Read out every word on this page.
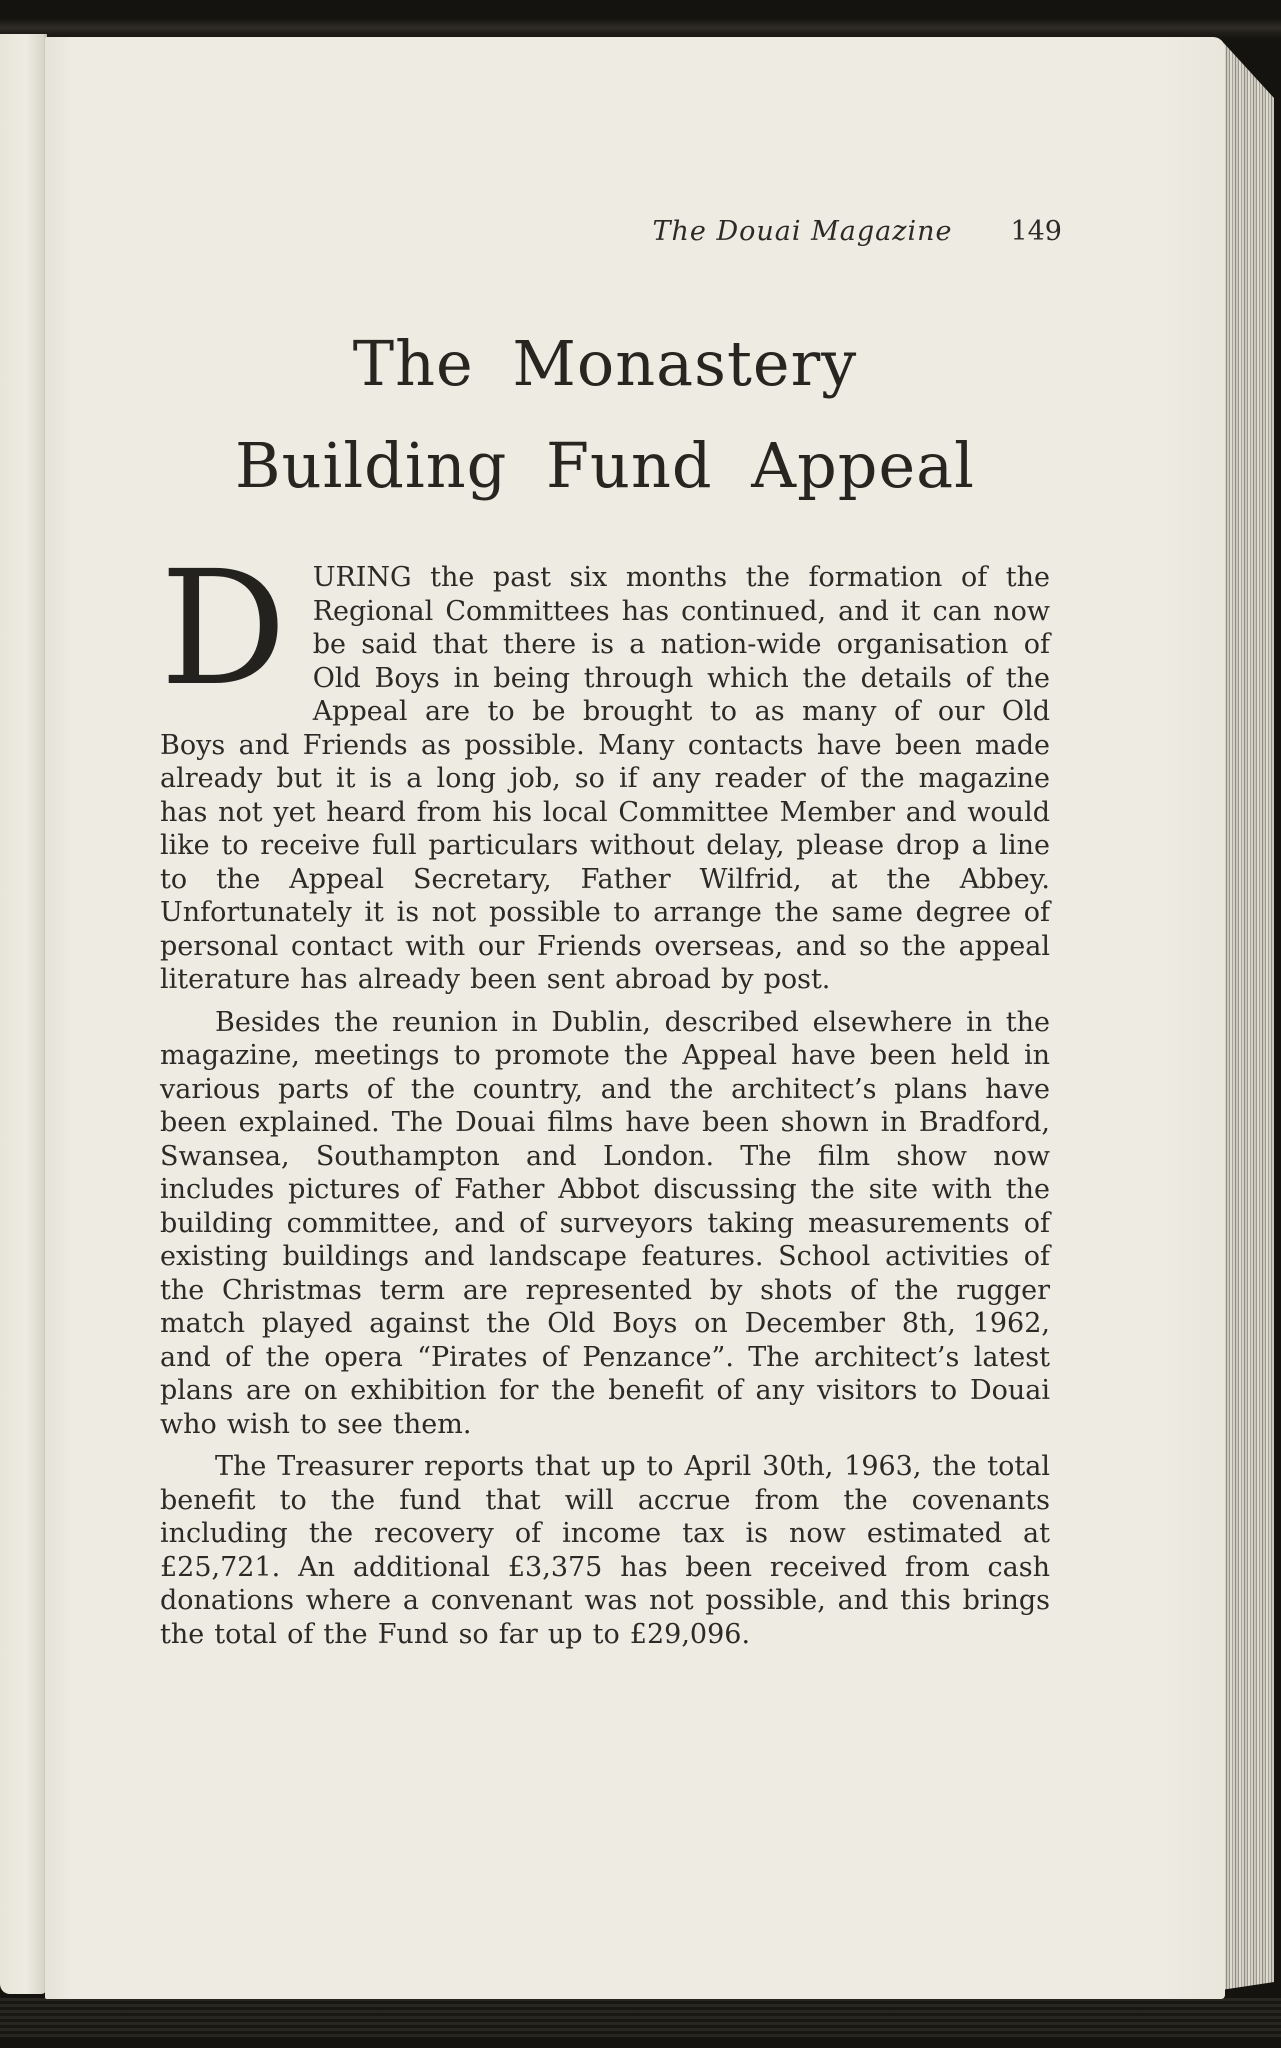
The Douai Magazine 149
The Monastery
Building Fund Appeal

DURING the past six months the formation of the Regional Committees has continued, and it can now be said that there is a nation-wide organisation of Old Boys in being through which the details of the Appeal are to be brought to as many of our Old Boys and Friends as possible. Many contacts have been made already but it is a long job, so if any reader of the magazine has not yet heard from his local Committee Member and would like to receive full particulars without delay, please drop a line to the Appeal Secretary, Father Wilfrid, at the Abbey. Unfortunately it is not possible to arrange the same degree of personal contact with our Friends overseas, and so the appeal literature has already been sent abroad by post.

Besides the reunion in Dublin, described elsewhere in the magazine, meetings to promote the Appeal have been held in various parts of the country, and the architect’s plans have been explained. The Douai films have been shown in Bradford, Swansea, Southampton and London. The film show now includes pictures of Father Abbot discussing the site with the building committee, and of surveyors taking measurements of existing buildings and landscape features. School activities of the Christmas term are represented by shots of the rugger match played against the Old Boys on December 8th, 1962, and of the opera “Pirates of Penzance”. The architect’s latest plans are on exhibition for the benefit of any visitors to Douai who wish to see them.

The Treasurer reports that up to April 30th, 1963, the total benefit to the fund that will accrue from the covenants including the recovery of income tax is now estimated at £25,721. An additional £3,375 has been received from cash donations where a convenant was not possible, and this brings the total of the Fund so far up to £29,096.
